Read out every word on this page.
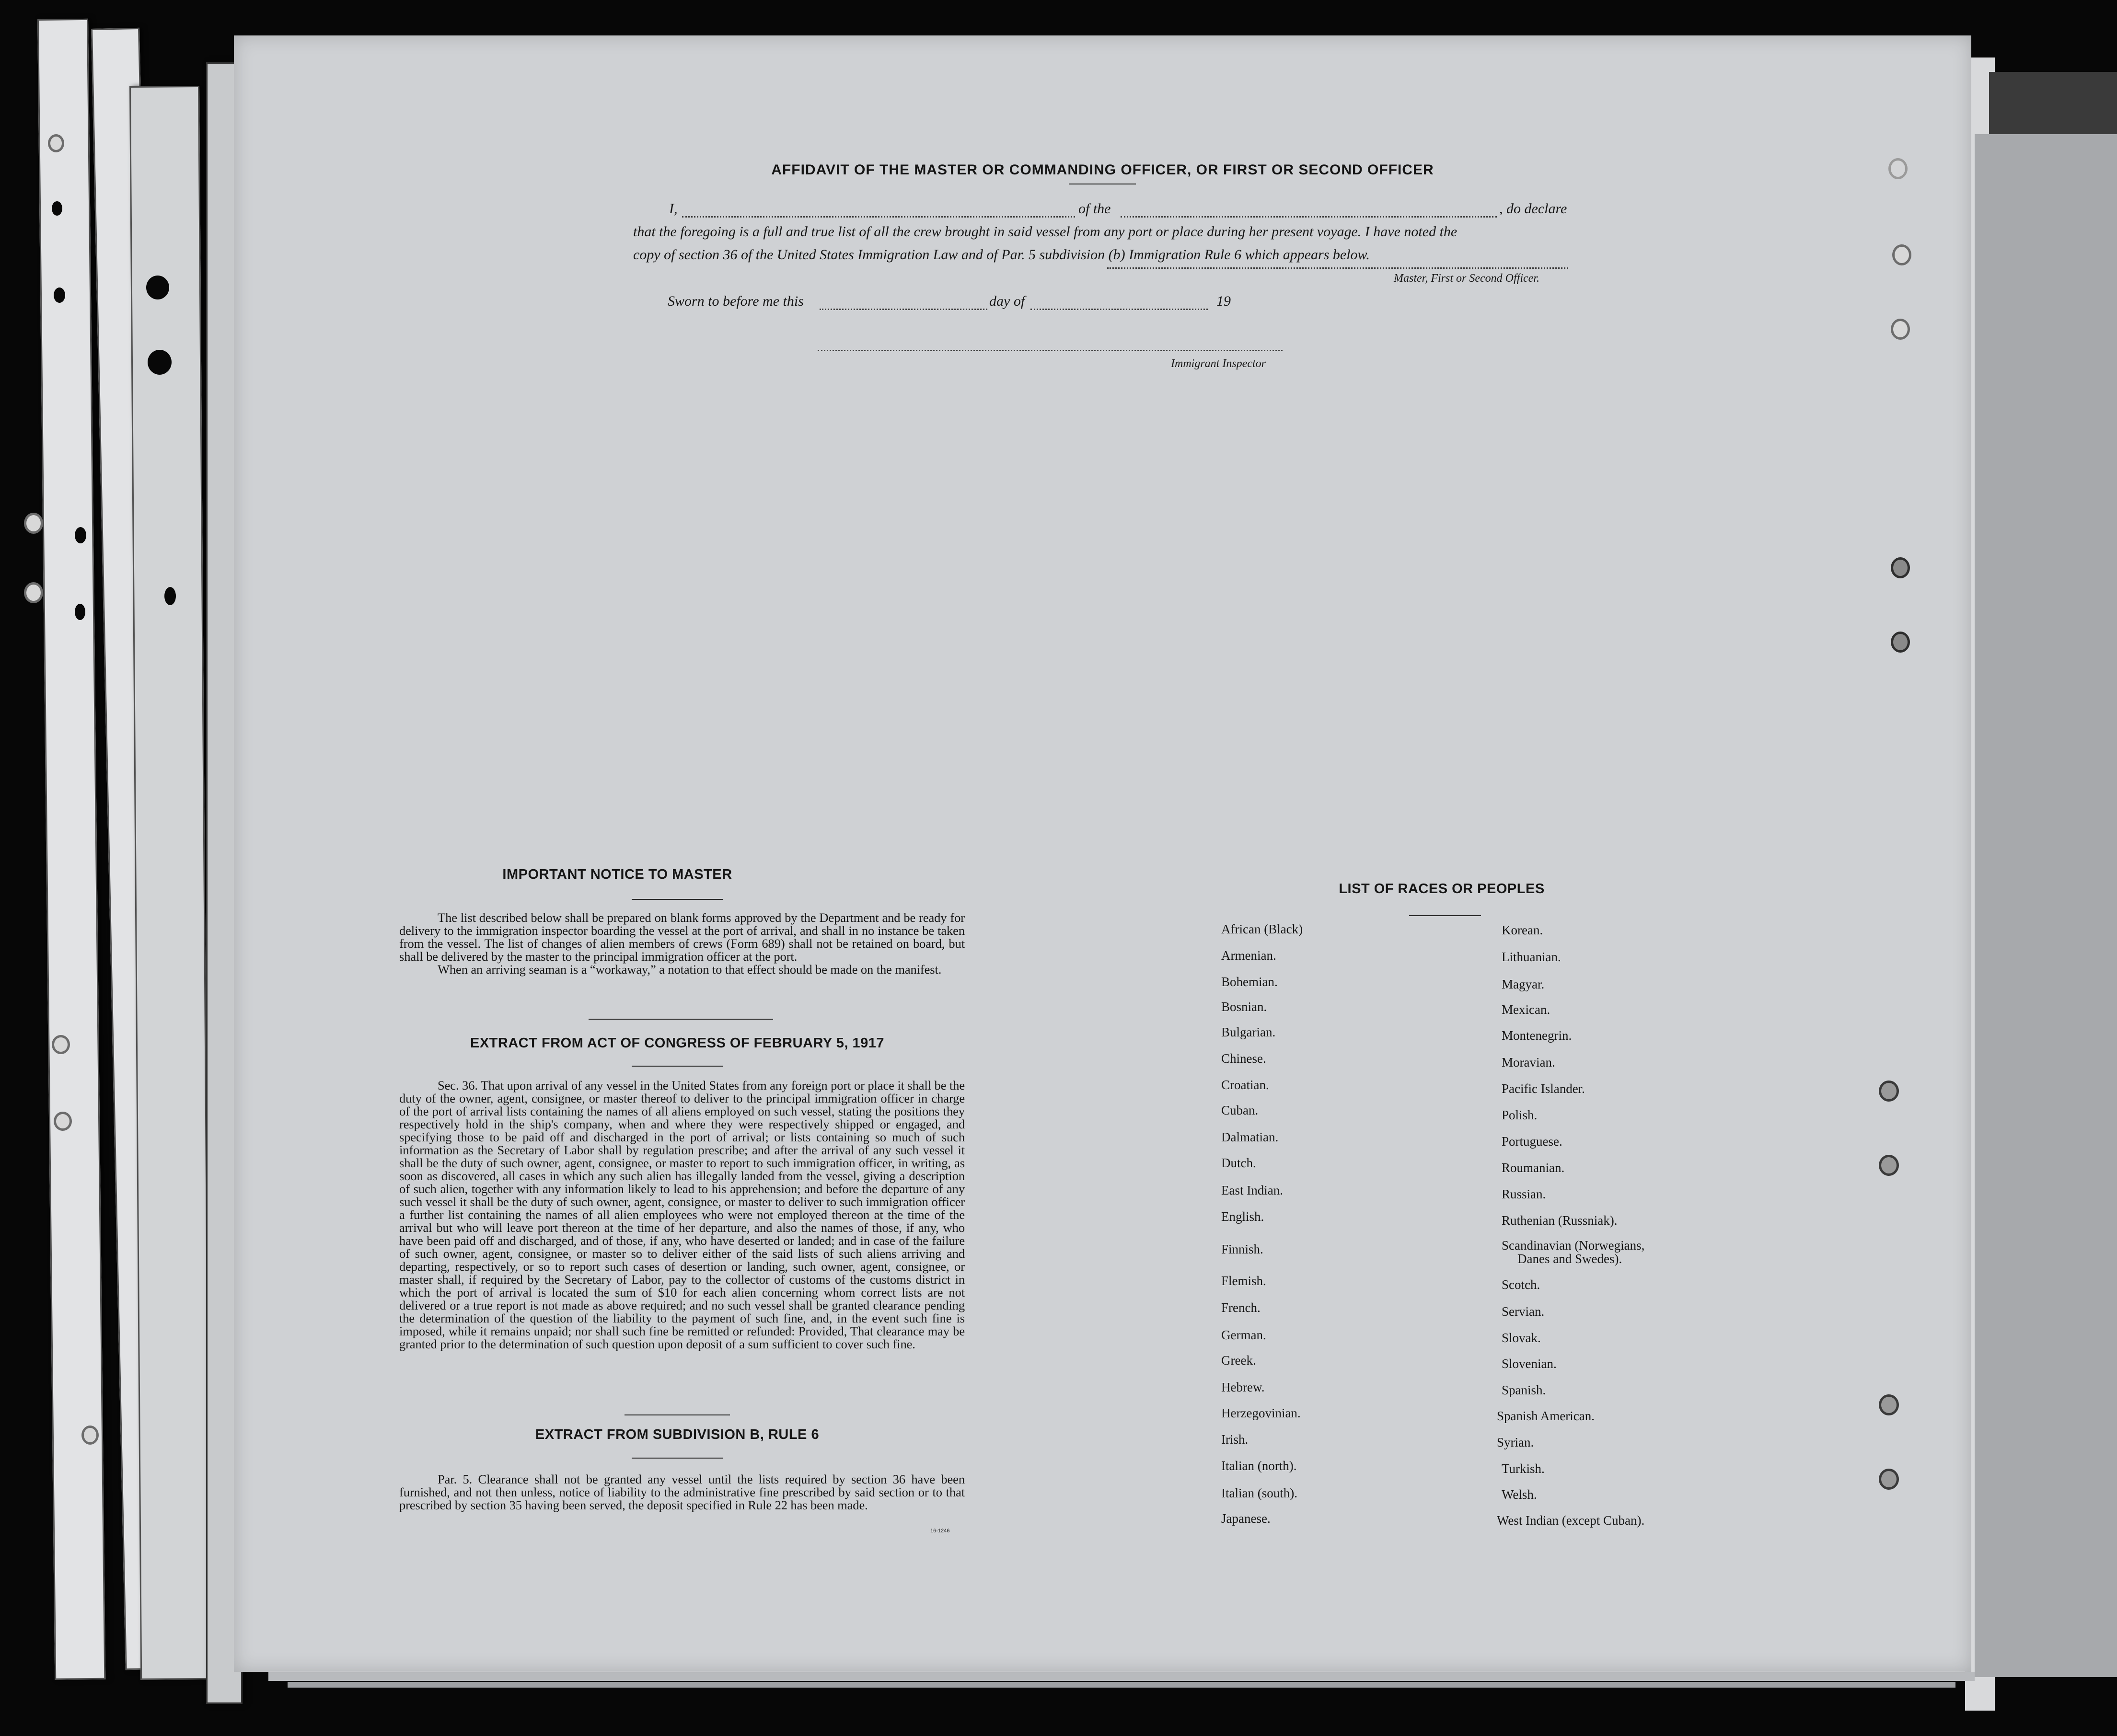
AFFIDAVIT OF THE MASTER OR COMMANDING OFFICER, OR FIRST OR SECOND OFFICER
I,	of the	, do declare
that the foregoing is a full and true list of all the crew brought in said vessel from any port or place during her present voyage. I have noted the
copy of section 36 of the United States Immigration Law and of Par. 5 subdivision (b) Immigration Rule 6 which appears below.
Master, First or Second Officer.
Sworn to before me this	day of	19
Immigrant Inspector
IMPORTANT NOTICE TO MASTER

The list described below shall be prepared on blank forms approved by the Department and be ready for delivery to the immigration inspector boarding the vessel at the port of arrival, and shall in no instance be taken from the vessel. The list of changes of alien members of crews (Form 689) shall not be retained on board, but shall be delivered by the master to the principal immigration officer at the port.

When an arriving seaman is a “workaway,” a notation to that effect should be made on the manifest.

EXTRACT FROM ACT OF CONGRESS OF FEBRUARY 5, 1917

Sec. 36. That upon arrival of any vessel in the United States from any foreign port or place it shall be the duty of the owner, agent, consignee, or master thereof to deliver to the principal immigration officer in charge of the port of arrival lists containing the names of all aliens employed on such vessel, stating the positions they respectively hold in the ship's company, when and where they were respectively shipped or engaged, and specifying those to be paid off and discharged in the port of arrival; or lists containing so much of such information as the Secretary of Labor shall by regulation prescribe; and after the arrival of any such vessel it shall be the duty of such owner, agent, consignee, or master to report to such immigration officer, in writing, as soon as discovered, all cases in which any such alien has illegally landed from the vessel, giving a description of such alien, together with any information likely to lead to his apprehension; and before the departure of any such vessel it shall be the duty of such owner, agent, consignee, or master to deliver to such immigration officer a further list containing the names of all alien employees who were not employed thereon at the time of the arrival but who will leave port thereon at the time of her departure, and also the names of those, if any, who have been paid off and discharged, and of those, if any, who have deserted or landed; and in case of the failure of such owner, agent, consignee, or master so to deliver either of the said lists of such aliens arriving and departing, respectively, or so to report such cases of desertion or landing, such owner, agent, consignee, or master shall, if required by the Secretary of Labor, pay to the collector of customs of the customs district in which the port of arrival is located the sum of $10 for each alien concerning whom correct lists are not delivered or a true report is not made as above required; and no such vessel shall be granted clearance pending the determination of the question of the liability to the payment of such fine, and, in the event such fine is imposed, while it remains unpaid; nor shall such fine be remitted or refunded: Provided, That clearance may be granted prior to the determination of such question upon deposit of a sum sufficient to cover such fine.

EXTRACT FROM SUBDIVISION B, RULE 6

Par. 5. Clearance shall not be granted any vessel until the lists required by section 36 have been furnished, and not then unless, notice of liability to the administrative fine prescribed by said section or to that prescribed by section 35 having been served, the deposit specified in Rule 22 has been made.

16-1246
LIST OF RACES OR PEOPLES
African (Black)
Armenian.
Bohemian.
Bosnian.
Bulgarian.
Chinese.
Croatian.
Cuban.
Dalmatian.
Dutch.
East Indian.
English.
Finnish.
Flemish.
French.
German.
Greek.
Hebrew.
Herzegovinian.
Irish.
Italian (north).
Italian (south).
Japanese.
Korean.
Lithuanian.
Magyar.
Mexican.
Montenegrin.
Moravian.
Pacific Islander.
Polish.
Portuguese.
Roumanian.
Russian.
Ruthenian (Russniak).
Scandinavian (Norwegians,
Danes and Swedes).
Scotch.
Servian.
Slovak.
Slovenian.
Spanish.
Spanish American.
Syrian.
Turkish.
Welsh.
West Indian (except Cuban).
